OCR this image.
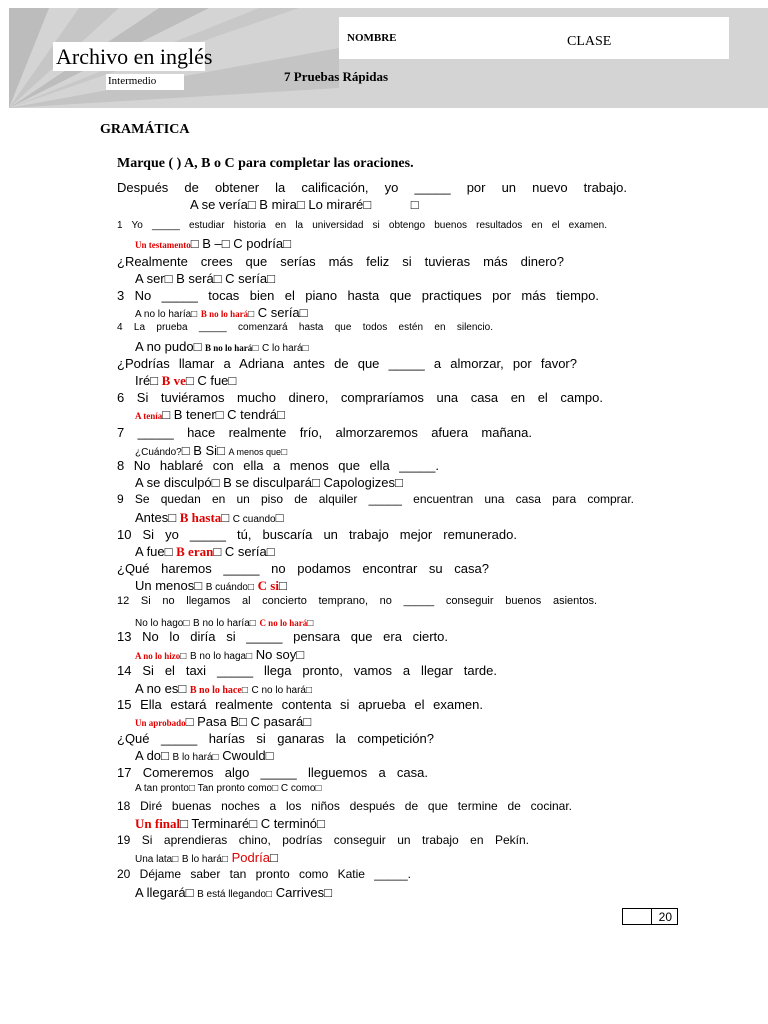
NOMBRE	CLASE
Archivo en inglés
Intermedio	7 Pruebas Rápidas
GRAMÁTICA
Marque ( ) A, B o C para completar las oraciones.
Después de obtener la calificación, yo _____ por un nuevo trabajo.
A se vería□ B mira□ Lo miraré□	□
1 Yo _____ estudiar historia en la universidad si obtengo buenos resultados en el examen.
Un testamento□ B –□ C podría□
¿Realmente crees que serías más feliz si tuvieras más dinero?
A ser□ B será□ C sería□
3 No _____ tocas bien el piano hasta que practiques por más tiempo.
A no lo haría□ B no lo hará□ C sería□
4 La prueba _____ comenzará hasta que todos estén en silencio.
A no pudo□ B no lo hará□ C lo hará□
¿Podrías llamar a Adriana antes de que _____ a almorzar, por favor?
Iré□ B ve□ C fue□
6 Si tuviéramos mucho dinero, compraríamos una casa en el campo.
A tenía□ B tener□ C tendrá□
7 _____ hace realmente frío, almorzaremos afuera mañana.
¿Cuándo?□ B Si□ A menos que□
8 No hablaré con ella a menos que ella _____.
A se disculpó□ B se disculpará□ Capologizes□
9 Se quedan en un piso de alquiler _____ encuentran una casa para comprar.
Antes□ B hasta□ C cuando□
10 Si yo _____ tú, buscaría un trabajo mejor remunerado.
A fue□ B eran□ C sería□
¿Qué haremos _____ no podamos encontrar su casa?
Un menos□ B cuándo□ C si□
12 Si no llegamos al concierto temprano, no _____ conseguir buenos asientos.
No lo hago□ B no lo haría□ C no lo hará□
13 No lo diría si _____ pensara que era cierto.
A no lo hizo□ B no lo haga□ No soy□
14 Si el taxi _____ llega pronto, vamos a llegar tarde.
A no es□ B no lo hace□ C no lo hará□
15 Ella estará realmente contenta si aprueba el examen.
Un aprobado□ Pasa B□ C pasará□
¿Qué _____ harías si ganaras la competición?
A do□ B lo hará□ Cwould□
17 Comeremos algo _____ lleguemos a casa.
A tan pronto□ Tan pronto como□ C como□
18 Diré buenas noches a los niños después de que termine de cocinar.
Un final□ Terminaré□ C terminó□
19 Si aprendieras chino, podrías conseguir un trabajo en Pekín.
Una lata□ B lo hará□ Podría□
20 Déjame saber tan pronto como Katie _____.
A llegará□ B está llegando□ Carrives□
20
